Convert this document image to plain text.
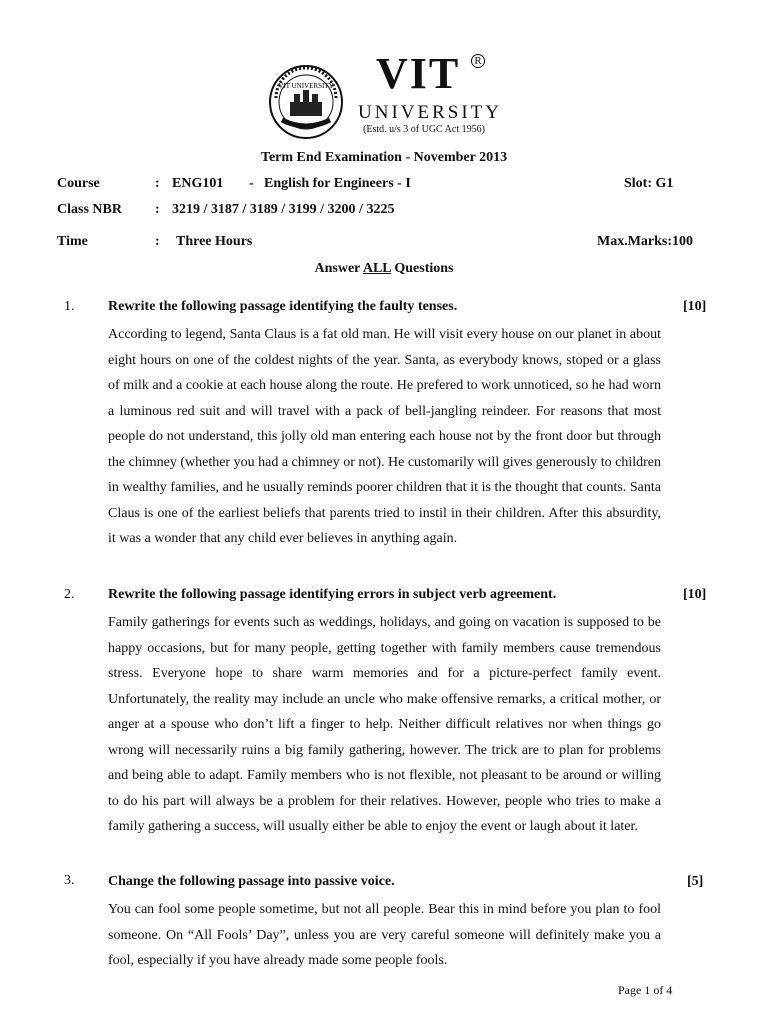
VIT UNIVERSITY VIT	R
UNIVERSITY
(Estd. u/s 3 of UGC Act 1956)
Term End Examination - November 2013
Course	: ENG101 - English for Engineers - I	Slot: G1
Class NBR : 3219 / 3187 / 3189 / 3199 / 3200 / 3225
Time	: Three Hours	Max.Marks:100
Answer ALL Questions
1. Rewrite the following passage identifying the faulty tenses.	[10]
According to legend, Santa Claus is a fat old man. He will visit every house on our planet in about eight hours on one of the coldest nights of the year. Santa, as everybody knows, stoped or a glass of milk and a cookie at each house along the route. He prefered to work unnoticed, so he had worn a luminous red suit and will travel with a pack of bell-jangling reindeer. For reasons that most people do not understand, this jolly old man entering each house not by the front door but through the chimney (whether you had a chimney or not). He customarily will gives generously to children in wealthy families, and he usually reminds poorer children that it is the thought that counts. Santa Claus is one of the earliest beliefs that parents tried to instil in their children. After this absurdity, it was a wonder that any child ever believes in anything again.
2. Rewrite the following passage identifying errors in subject verb agreement.	[10]
Family gatherings for events such as weddings, holidays, and going on vacation is supposed to be happy occasions, but for many people, getting together with family members cause tremendous stress. Everyone hope to share warm memories and for a picture-perfect family event. Unfortunately, the reality may include an uncle who make offensive remarks, a critical mother, or anger at a spouse who don’t lift a finger to help. Neither difficult relatives nor when things go wrong will necessarily ruins a big family gathering, however. The trick are to plan for problems and being able to adapt. Family members who is not flexible, not pleasant to be around or willing to do his part will always be a problem for their relatives. However, people who tries to make a family gathering a success, will usually either be able to enjoy the event or laugh about it later.
3. Change the following passage into passive voice.	[5]
You can fool some people sometime, but not all people. Bear this in mind before you plan to fool someone. On “All Fools’ Day”, unless you are very careful someone will definitely make you a fool, especially if you have already made some people fools.
Page 1 of 4
